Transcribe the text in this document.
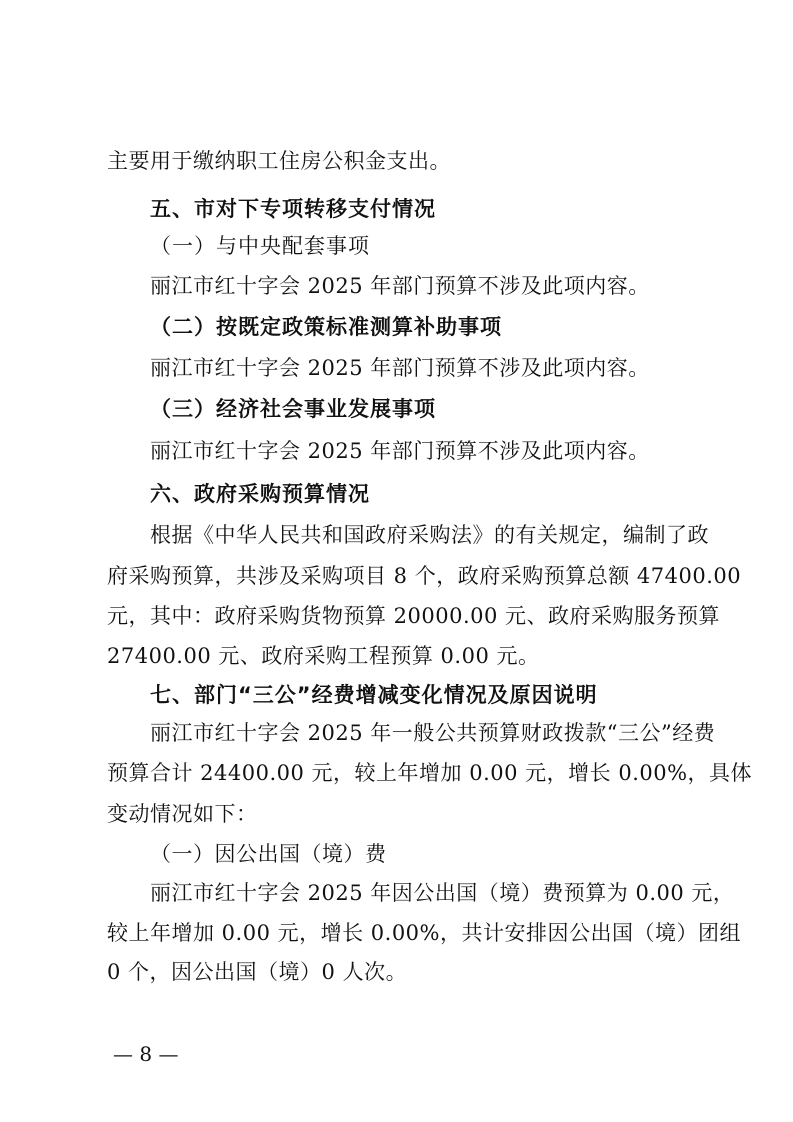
主要用于缴纳职工住房公积金支出。
五、市对下专项转移支付情况
（一）与中央配套事项
丽江市红十字会 2025 年部门预算不涉及此项内容。
（二）按既定政策标准测算补助事项
丽江市红十字会 2025 年部门预算不涉及此项内容。
（三）经济社会事业发展事项
丽江市红十字会 2025 年部门预算不涉及此项内容。
六、政府采购预算情况
根据《中华人民共和国政府采购法》的有关规定，编制了政
府采购预算，共涉及采购项目 8 个，政府采购预算总额 47400.00
元，其中：政府采购货物预算 20000.00 元、政府采购服务预算
27400.00 元、政府采购工程预算 0.00 元。
七、部门“三公”经费增减变化情况及原因说明
丽江市红十字会 2025 年一般公共预算财政拨款“三公”经费
预算合计 24400.00 元，较上年增加 0.00 元，增长 0.00%，具体
变动情况如下：
（一）因公出国（境）费
丽江市红十字会 2025 年因公出国（境）费预算为 0.00 元，
较上年增加 0.00 元，增长 0.00%，共计安排因公出国（境）团组
0 个，因公出国（境）0 人次。
— 8 —
